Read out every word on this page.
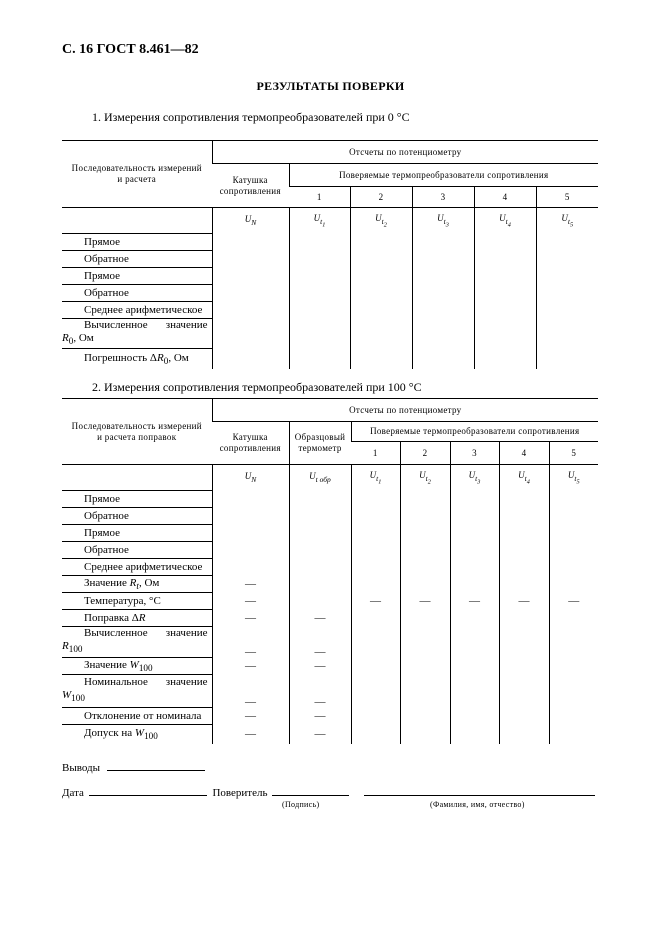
С. 16 ГОСТ 8.461—82
РЕЗУЛЬТАТЫ ПОВЕРКИ
1. Измерения сопротивления термопреобразователей при 0 °С
Последовательность измерений и расчета	Отсчеты по потенциометру					
	Катушка сопротивления	Поверяемые термопреобразователи сопротивления				
		1	2	3	4	5
	$U_N$	$U_{t_1}$	$U_{t_2}$	$U_{t_3}$	$U_{t_4}$	$U_{t_5}$
Прямое						
Обратное						
Прямое						
Обратное						
Среднее арифметическое						

Вычисленное значение
$R_0$, Ом						

Погрешность $\Delta R_0$, Ом						
2. Измерения сопротивления термопреобразователей при 100 °С
Последовательность измерений и расчета поправок	Отсчеты по потенциометру						
	Катушка сопротивления	Образцовый термометр	Поверяемые термопреобразователи сопротивления				
			1	2	3	4	5
	$U_N$	$U_{t обр}$	$U_{t_1}$	$U_{t_2}$	$U_{t_3}$	$U_{t_4}$	$U_{t_5}$
Прямое							
Обратное							
Прямое							
Обратное							
Среднее арифметическое							
Значение $R_t$, Ом	—						
Температура, °С	—		—	—	—	—	—
Поправка ΔR	—	—					

Вычисленное значение
$R_{100}$	—	—					
Значение $W_{100}$	—	—					

Номинальное значение
$W_{100}$	—	—					
Отклонение от номинала	—	—					
Допуск на $W_{100}$	—	—					
Выводы
Дата	Поверитель
(Подпись)	(Фамилия, имя, отчество)
